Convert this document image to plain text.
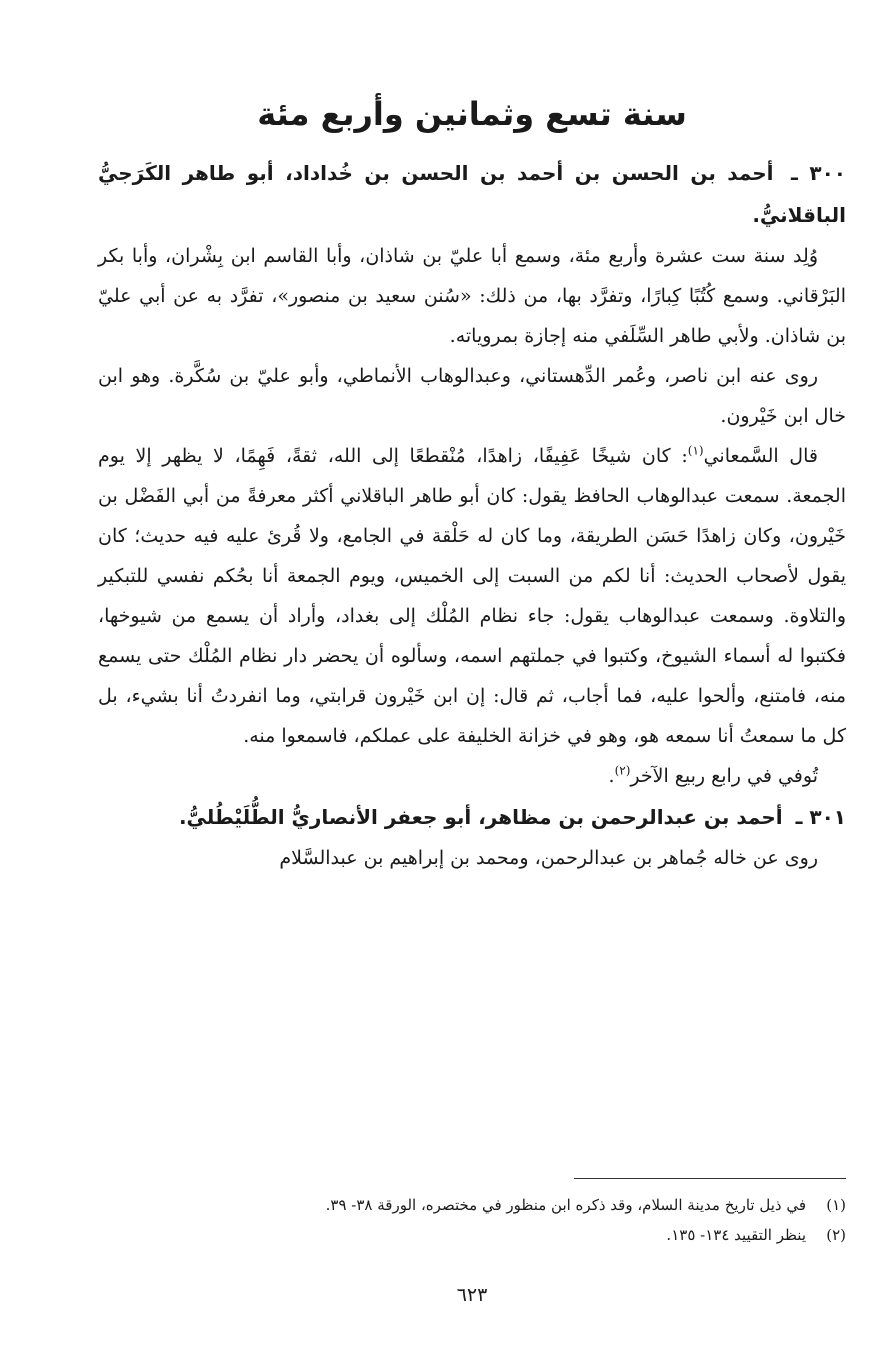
سنة تسع وثمانين وأربع مئة
٣٠٠ ـ أحمد بن الحسن بن أحمد بن الحسن بن خُداداد، أبو طاهر الكَرَجيُّ الباقلانيُّ.

وُلِد سنة ست عشرة وأربع مئة، وسمع أبا عليّ بن شاذان، وأبا القاسم ابن بِشْران، وأبا بكر البَرْقاني. وسمع كُتُبًا كِبارًا، وتفرَّد بها، من ذلك: «سُنن سعيد بن منصور»، تفرَّد به عن أبي عليّ بن شاذان. ولأبي طاهر السِّلَفي منه إجازة بمروياته.

روى عنه ابن ناصر، وعُمر الدِّهستاني، وعبدالوهاب الأنماطي، وأبو عليّ بن سُكَّرة. وهو ابن خال ابن خَيْرون.

قال السَّمعاني$^{(١)}$: كان شيخًا عَفِيفًا، زاهدًا، مُنْقطعًا إلى الله، ثقةً، فَهِمًا، لا يظهر إلا يوم الجمعة. سمعت عبدالوهاب الحافظ يقول: كان أبو طاهر الباقلاني أكثر معرفةً من أبي الفَضْل بن خَيْرون، وكان زاهدًا حَسَن الطريقة، وما كان له حَلْقة في الجامع، ولا قُرئ عليه فيه حديث؛ كان يقول لأصحاب الحديث: أنا لكم من السبت إلى الخميس، ويوم الجمعة أنا بحُكم نفسي للتبكير والتلاوة. وسمعت عبدالوهاب يقول: جاء نظام المُلْك إلى بغداد، وأراد أن يسمع من شيوخها، فكتبوا له أسماء الشيوخ، وكتبوا في جملتهم اسمه، وسألوه أن يحضر دار نظام المُلْك حتى يسمع منه، فامتنع، وألحوا عليه، فما أجاب، ثم قال: إن ابن خَيْرون قرابتي، وما انفردتُ أنا بشيء، بل كل ما سمعتُ أنا سمعه هو، وهو في خزانة الخليفة على عملكم، فاسمعوا منه.

تُوفي في رابع ربيع الآخر$^{(٢)}$.

٣٠١ ـ أحمد بن عبدالرحمن بن مظاهر، أبو جعفر الأنصاريُّ الطُّلَيْطُليُّ.

روى عن خاله جُماهر بن عبدالرحمن، ومحمد بن إبراهيم بن عبدالسَّلام

(١)في ذيل تاريخ مدينة السلام، وقد ذكره ابن منظور في مختصره، الورقة ٣٨- ٣٩.

(٢)ينظر التقييد ١٣٤- ١٣٥.

٦٢٣
